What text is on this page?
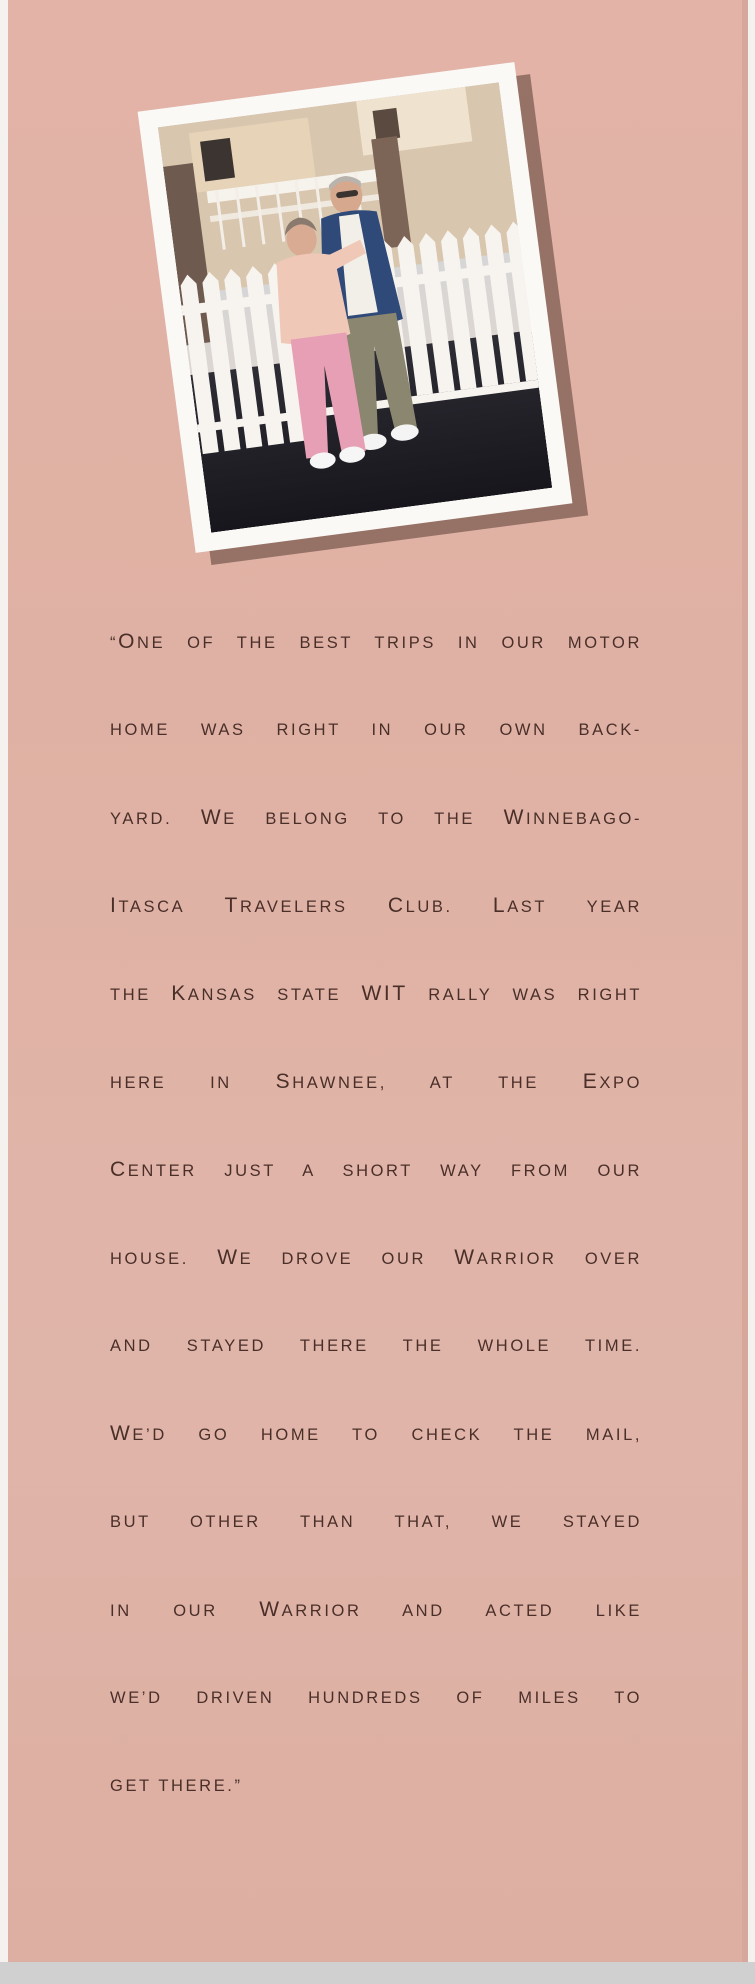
“ONE OF THE BEST TRIPS IN OUR MOTOR
HOME WAS RIGHT IN OUR OWN BACK-
YARD. WE BELONG TO THE WINNEBAGO-
ITASCA TRAVELERS CLUB. LAST YEAR
THE KANSAS STATE WIT RALLY WAS RIGHT
HERE	IN SHAWNEE,	AT	THE EXPO
CENTER JUST A SHORT WAY FROM OUR
HOUSE. WE DROVE OUR WARRIOR OVER
AND STAYED THERE THE WHOLE TIME.
WE’D GO HOME TO CHECK THE MAIL,
BUT OTHER THAN THAT, WE STAYED
IN	OUR WARRIOR AND ACTED	LIKE
WE’D DRIVEN HUNDREDS OF MILES TO
GET THERE.”
